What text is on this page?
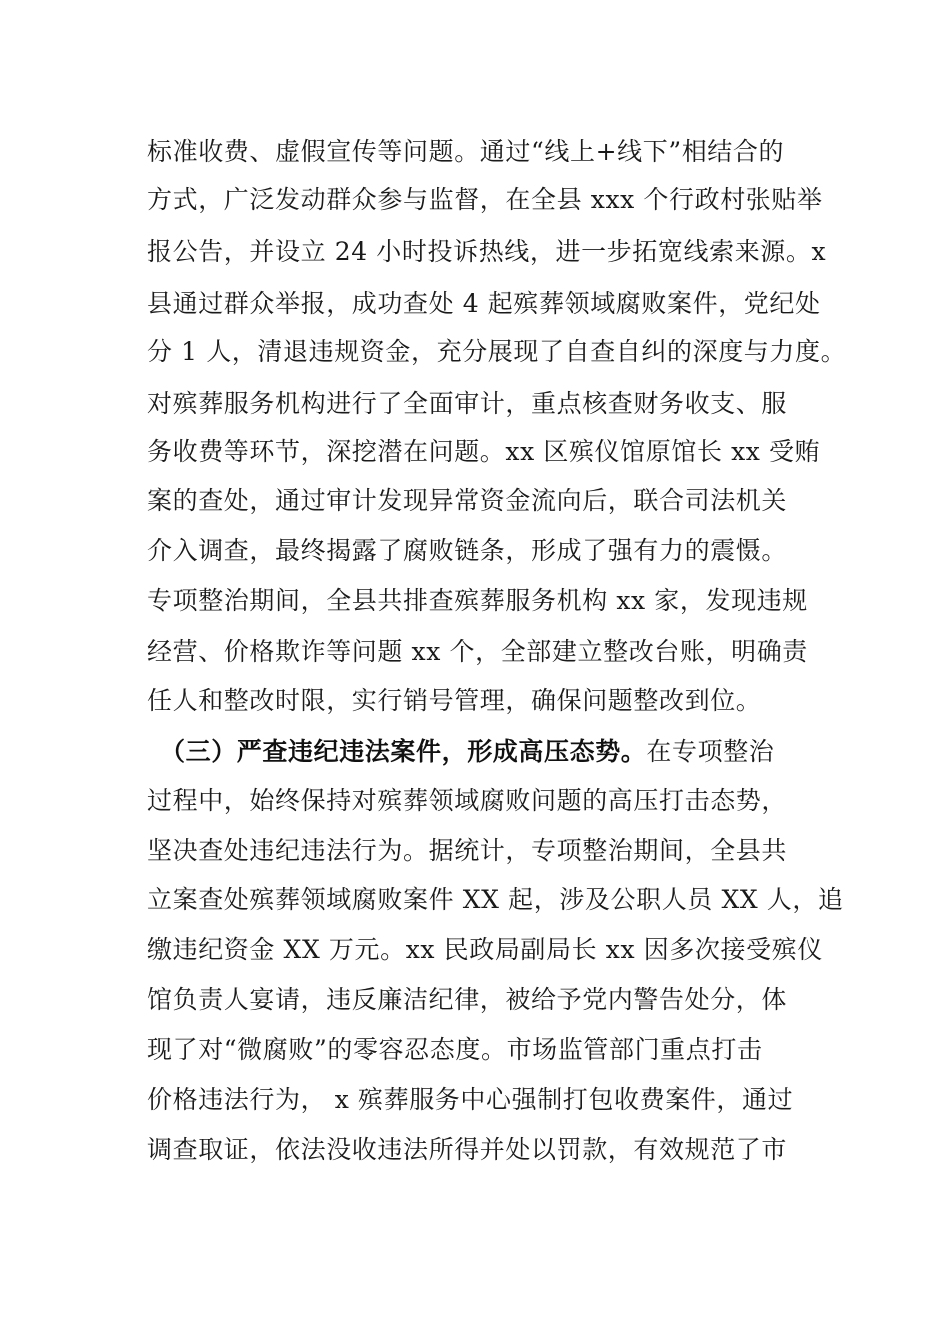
标准收费、虚假宣传等问题。通过“线上+线下”相结合的
方式，广泛发动群众参与监督，在全县 xxx 个行政村张贴举
报公告，并设立 24 小时投诉热线，进一步拓宽线索来源。x
县通过群众举报，成功查处 4 起殡葬领域腐败案件，党纪处
分 1 人，清退违规资金，充分展现了自查自纠的深度与力度。
对殡葬服务机构进行了全面审计，重点核查财务收支、服
务收费等环节，深挖潜在问题。xx 区殡仪馆原馆长 xx 受贿
案的查处，通过审计发现异常资金流向后，联合司法机关
介入调查，最终揭露了腐败链条，形成了强有力的震慑。
专项整治期间，全县共排查殡葬服务机构 xx 家，发现违规
经营、价格欺诈等问题 xx 个，全部建立整改台账，明确责
任人和整改时限，实行销号管理，确保问题整改到位。
（三）严查违纪违法案件，形成高压态势。在专项整治
过程中，始终保持对殡葬领域腐败问题的高压打击态势，
坚决查处违纪违法行为。据统计，专项整治期间，全县共
立案查处殡葬领域腐败案件 XX 起，涉及公职人员 XX 人，追
缴违纪资金 XX 万元。xx 民政局副局长 xx 因多次接受殡仪
馆负责人宴请，违反廉洁纪律，被给予党内警告处分，体
现了对“微腐败”的零容忍态度。市场监管部门重点打击
价格违法行为， x 殡葬服务中心强制打包收费案件，通过
调查取证，依法没收违法所得并处以罚款，有效规范了市
